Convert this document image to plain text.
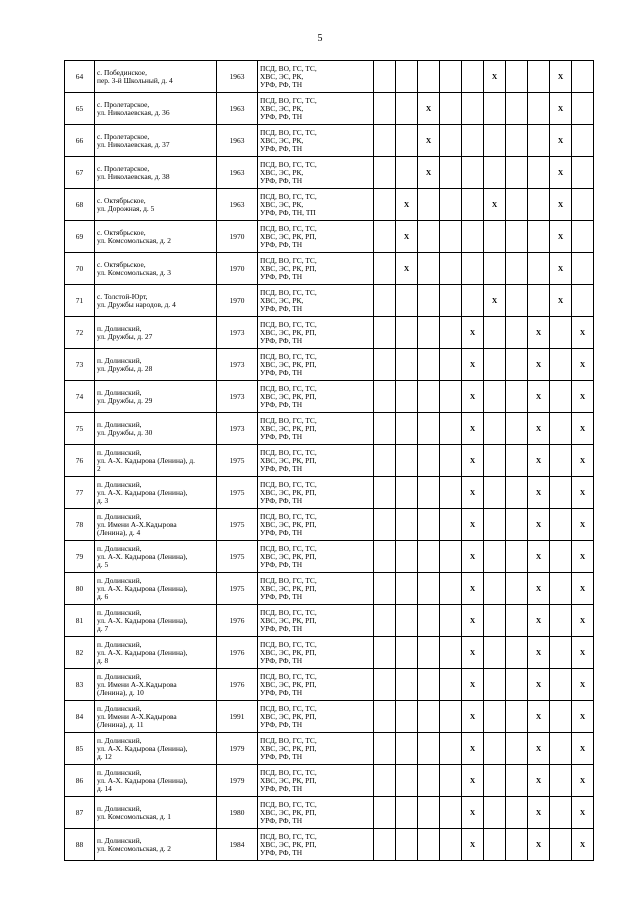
5
64	с. Побединское,
пер. 3-й Школьный, д. 4	1963	ПСД, ВО, ГС, ТС,
ХВС, ЭС, РК,
УРФ, РФ, ТН						Х			Х	
65	с. Пролетарское,
ул. Николаевская, д. 36	1963	ПСД, ВО, ГС, ТС,
ХВС, ЭС, РК,
УРФ, РФ, ТН			Х						Х	
66	с. Пролетарское,
ул. Николаевская, д. 37	1963	ПСД, ВО, ГС, ТС,
ХВС, ЭС, РК,
УРФ, РФ, ТН			Х						Х	
67	с. Пролетарское,
ул. Николаевская, д. 38	1963	ПСД, ВО, ГС, ТС,
ХВС, ЭС, РК,
УРФ, РФ, ТН			Х						Х	
68	с. Октябрьское,
ул. Дорожная, д. 5	1963	ПСД, ВО, ГС, ТС,
ХВС, ЭС, РК,
УРФ, РФ, ТН, ТП		Х				Х			Х	
69	с. Октябрьское,
ул. Комсомольская, д. 2	1970	ПСД, ВО, ГС, ТС,
ХВС, ЭС, РК, РП,
УРФ, РФ, ТН		Х							Х	
70	с. Октябрьское,
ул. Комсомольская, д. 3	1970	ПСД, ВО, ГС, ТС,
ХВС, ЭС, РК, РП,
УРФ, РФ, ТН		Х							Х	
71	с. Толстой-Юрт,
ул. Дружбы народов, д. 4	1970	ПСД, ВО, ГС, ТС,
ХВС, ЭС, РК,
УРФ, РФ, ТН						Х			Х	
72	п. Долинский,
ул. Дружбы, д. 27	1973	ПСД, ВО, ГС, ТС,
ХВС, ЭС, РК, РП,
УРФ, РФ, ТН					Х			Х		Х
73	п. Долинский,
ул. Дружбы, д. 28	1973	ПСД, ВО, ГС, ТС,
ХВС, ЭС, РК, РП,
УРФ, РФ, ТН					Х			Х		Х
74	п. Долинский,
ул. Дружбы, д. 29	1973	ПСД, ВО, ГС, ТС,
ХВС, ЭС, РК, РП,
УРФ, РФ, ТН					Х			Х		Х
75	п. Долинский,
ул. Дружбы, д. 30	1973	ПСД, ВО, ГС, ТС,
ХВС, ЭС, РК, РП,
УРФ, РФ, ТН					Х			Х		Х
76	п. Долинский,
ул. А-Х. Кадырова (Ленина), д.
2	1975	ПСД, ВО, ГС, ТС,
ХВС, ЭС, РК, РП,
УРФ, РФ, ТН					Х			Х		Х
77	п. Долинский,
ул. А-Х. Кадырова (Ленина),
д. 3	1975	ПСД, ВО, ГС, ТС,
ХВС, ЭС, РК, РП,
УРФ, РФ, ТН					Х			Х		Х
78	п. Долинский,
ул. Имени А-Х.Кадырова
(Ленина), д. 4	1975	ПСД, ВО, ГС, ТС,
ХВС, ЭС, РК, РП,
УРФ, РФ, ТН					Х			Х		Х
79	п. Долинский,
ул. А-Х. Кадырова (Ленина),
д. 5	1975	ПСД, ВО, ГС, ТС,
ХВС, ЭС, РК, РП,
УРФ, РФ, ТН					Х			Х		Х
80	п. Долинский,
ул. А-Х. Кадырова (Ленина),
д. 6	1975	ПСД, ВО, ГС, ТС,
ХВС, ЭС, РК, РП,
УРФ, РФ, ТН					Х			Х		Х
81	п. Долинский,
ул. А-Х. Кадырова (Ленина),
д. 7	1976	ПСД, ВО, ГС, ТС,
ХВС, ЭС, РК, РП,
УРФ, РФ, ТН					Х			Х		Х
82	п. Долинский,
ул. А-Х. Кадырова (Ленина),
д. 8	1976	ПСД, ВО, ГС, ТС,
ХВС, ЭС, РК, РП,
УРФ, РФ, ТН					Х			Х		Х
83	п. Долинский,
ул. Имени А-Х.Кадырова
(Ленина), д. 10	1976	ПСД, ВО, ГС, ТС,
ХВС, ЭС, РК, РП,
УРФ, РФ, ТН					Х			Х		Х
84	п. Долинский,
ул. Имени А-Х.Кадырова
(Ленина), д. 11	1991	ПСД, ВО, ГС, ТС,
ХВС, ЭС, РК, РП,
УРФ, РФ, ТН					Х			Х		Х
85	п. Долинский,
ул. А-Х. Кадырова (Ленина),
д. 12	1979	ПСД, ВО, ГС, ТС,
ХВС, ЭС, РК, РП,
УРФ, РФ, ТН					Х			Х		Х
86	п. Долинский,
ул. А-Х. Кадырова (Ленина),
д. 14	1979	ПСД, ВО, ГС, ТС,
ХВС, ЭС, РК, РП,
УРФ, РФ, ТН					Х			Х		Х
87	п. Долинский,
ул. Комсомольская, д. 1	1980	ПСД, ВО, ГС, ТС,
ХВС, ЭС, РК, РП,
УРФ, РФ, ТН					Х			Х		Х
88	п. Долинский,
ул. Комсомольская, д. 2	1984	ПСД, ВО, ГС, ТС,
ХВС, ЭС, РК, РП,
УРФ, РФ, ТН					Х			Х		Х
